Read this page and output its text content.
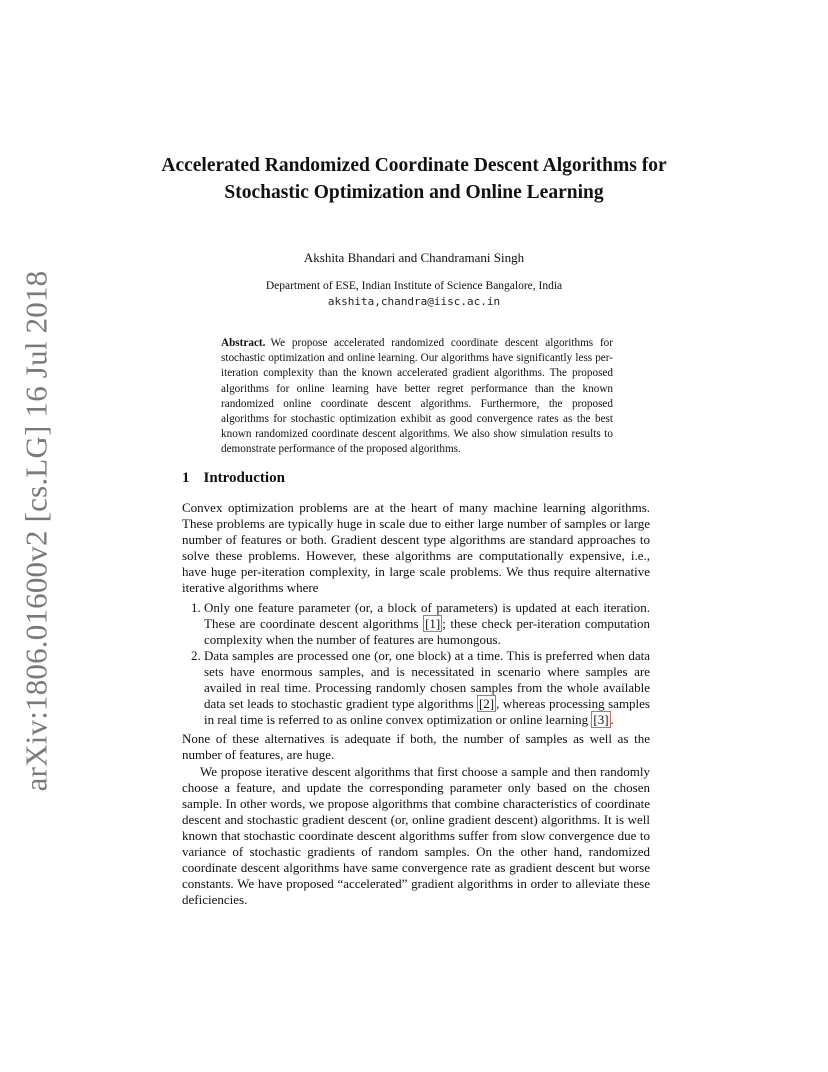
arXiv:1806.01600v2 [cs.LG] 16 Jul 2018
Accelerated Randomized Coordinate Descent Algorithms for Stochastic Optimization and Online Learning
Akshita Bhandari and Chandramani Singh
Department of ESE, Indian Institute of Science Bangalore, India
akshita,chandra@iisc.ac.in
Abstract. We propose accelerated randomized coordinate descent algorithms for stochastic optimization and online learning. Our algorithms have significantly less per-iteration complexity than the known accelerated gradient algorithms. The proposed algorithms for online learning have better regret performance than the known randomized online coordinate descent algorithms. Furthermore, the proposed algorithms for stochastic optimization exhibit as good convergence rates as the best known randomized coordinate descent algorithms. We also show simulation results to demonstrate performance of the proposed algorithms.
1 Introduction

Convex optimization problems are at the heart of many machine learning algorithms. These problems are typically huge in scale due to either large number of samples or large number of features or both. Gradient descent type algorithms are standard approaches to solve these problems. However, these algorithms are computationally expensive, i.e., have huge per-iteration complexity, in large scale problems. We thus require alternative iterative algorithms where

1. Only one feature parameter (or, a block of parameters) is updated at each iteration. These are coordinate descent algorithms [1] ; these check per-iteration computation complexity when the number of features are humongous.
2. Data samples are processed one (or, one block) at a time. This is preferred when data sets have enormous samples, and is necessitated in scenario where samples are availed in real time. Processing randomly chosen samples from the whole available data set leads to stochastic gradient type algorithms [2] , whereas processing samples in real time is referred to as online convex optimization or online learning [3] .

None of these alternatives is adequate if both, the number of samples as well as the number of features, are huge.

We propose iterative descent algorithms that first choose a sample and then randomly choose a feature, and update the corresponding parameter only based on the chosen sample. In other words, we propose algorithms that combine characteristics of coordinate descent and stochastic gradient descent (or, online gradient descent) algorithms. It is well known that stochastic coordinate descent algorithms suffer from slow convergence due to variance of stochastic gradients of random samples. On the other hand, randomized coordinate descent algorithms have same convergence rate as gradient descent but worse constants. We have proposed “accelerated” gradient algorithms in order to alleviate these deficiencies.
